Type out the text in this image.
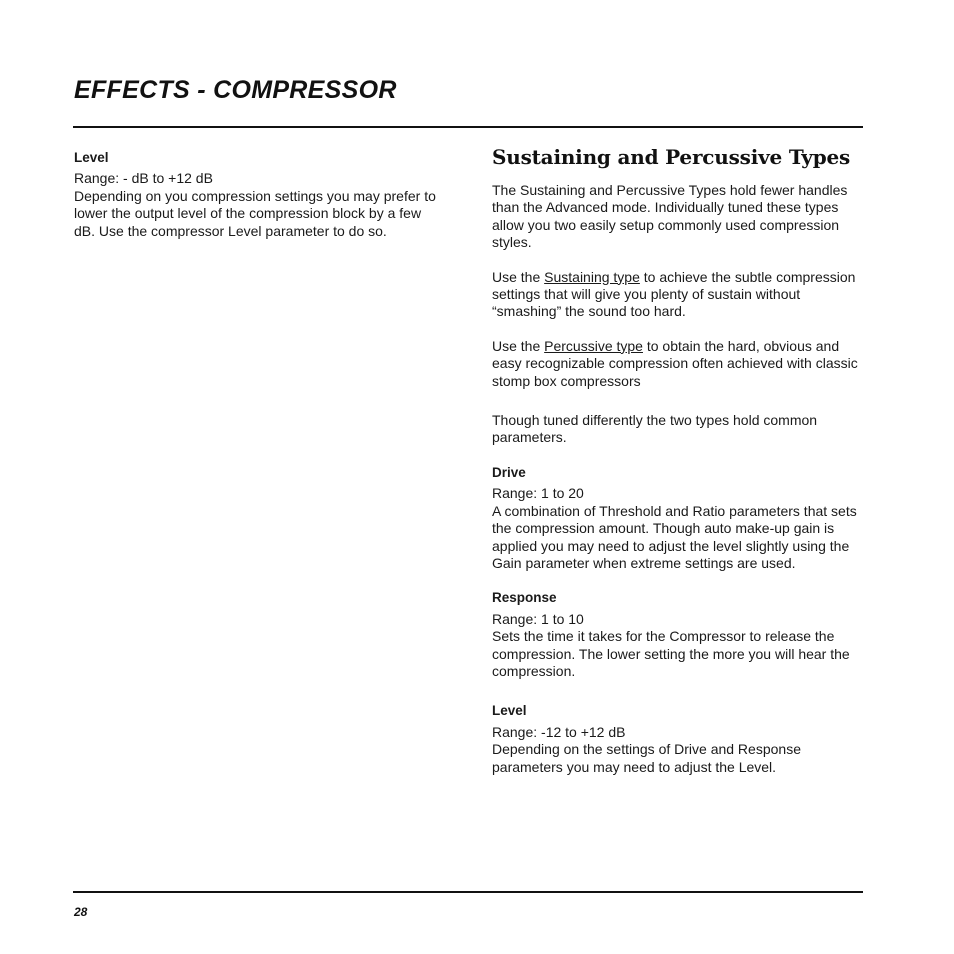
EFFECTS - COMPRESSOR

Level

Range: - dB to +12 dB

Depending on you compression settings you may prefer to lower the output level of the compression block by a few dB. Use the compressor Level parameter to do so.

Sustaining and Percussive Types

The Sustaining and Percussive Types hold fewer handles than the Advanced mode. Individually tuned these types allow you two easily setup commonly used compression styles.

Use the Sustaining type to achieve the subtle compression settings that will give you plenty of sustain without “smashing” the sound too hard.

Use the Percussive type to obtain the hard, obvious and easy recognizable compression often achieved with classic stomp box compressors

Though tuned differently the two types hold common parameters.

Drive

Range: 1 to 20

A combination of Threshold and Ratio parameters that sets the compression amount. Though auto make-up gain is applied you may need to adjust the level slightly using the Gain parameter when extreme settings are used.

Response

Range: 1 to 10

Sets the time it takes for the Compressor to release the compression. The lower setting the more you will hear the compression.

Level

Range: -12 to +12 dB

Depending on the settings of Drive and Response parameters you may need to adjust the Level.

28
